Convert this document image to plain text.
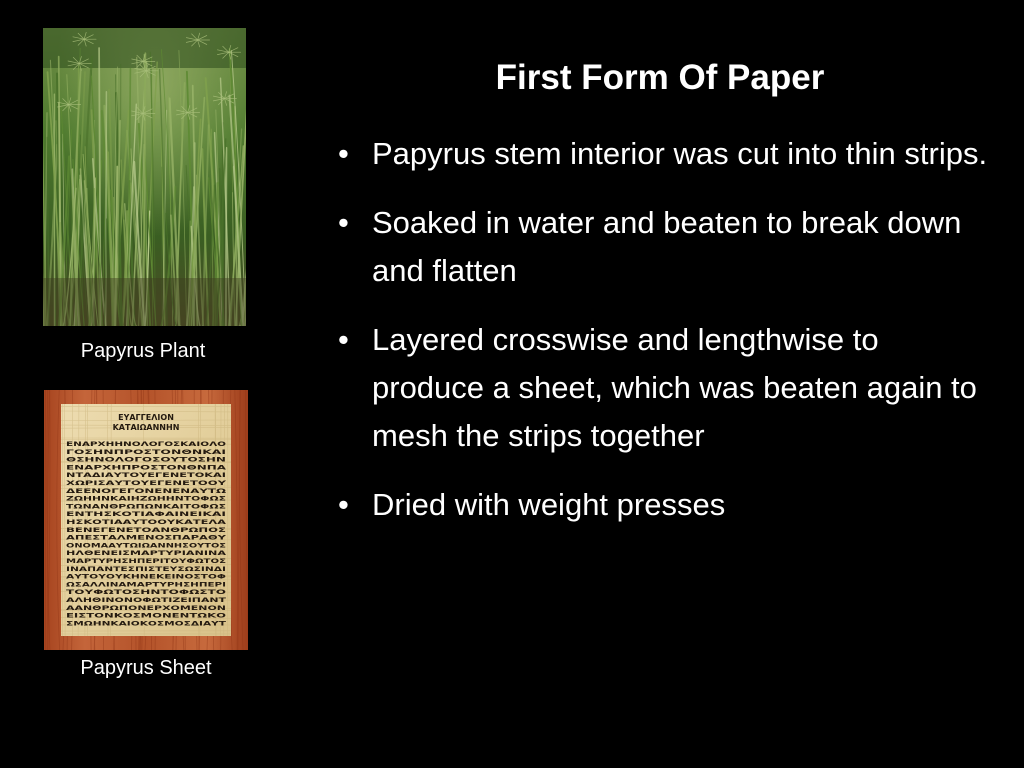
Papyrus Plant
ΕΥΑΓΓΕΛΙΟΝ
ΚΑΤΑΙΩΑΝΝΗΝ
ΕΝΑΡΧΗΗΝΟΛΟΓΟΣΚΑΙΟΛΟ
ΓΟΣΗΝΠΡΟΣΤΟΝΘΝΚΑΙ
ΘΣΗΝΟΛΟΓΟΣΟΥΤΟΣΗΝ
ΕΝΑΡΧΗΠΡΟΣΤΟΝΘΝΠΑ
ΝΤΑΔΙΑΥΤΟΥΕΓΕΝΕΤΟΚΑΙ
ΧΩΡΙΣΑΥΤΟΥΕΓΕΝΕΤΟΟΥ
ΔΕΕΝΟΓΕΓΟΝΕΝΕΝΑΥΤΩ
ΖΩΗΗΝΚΑΙΗΖΩΗΗΝΤΟΦΩΣ
ΤΩΝΑΝΘΡΩΠΩΝΚΑΙΤΟΦΩΣ
ΕΝΤΗΣΚΟΤΙΑΦΑΙΝΕΙΚΑΙ
ΗΣΚΟΤΙΑΑΥΤΟΟΥΚΑΤΕΛΑ
ΒΕΝΕΓΕΝΕΤΟΑΝΘΡΩΠΟΣ
ΑΠΕΣΤΑΛΜΕΝΟΣΠΑΡΑΘΥ
ΟΝΟΜΑΑΥΤΩΙΩΑΝΝΗΣΟΥΤΟΣ
ΗΛΘΕΝΕΙΣΜΑΡΤΥΡΙΑΝΙΝΑ
ΜΑΡΤΥΡΗΣΗΠΕΡΙΤΟΥΦΩΤΟΣ
ΙΝΑΠΑΝΤΕΣΠΙΣΤΕΥΣΩΣΙΝΔΙ
ΑΥΤΟΥΟΥΚΗΝΕΚΕΙΝΟΣΤΟΦ
ΩΣΑΛΛΙΝΑΜΑΡΤΥΡΗΣΗΠΕΡΙ
ΤΟΥΦΩΤΟΣΗΝΤΟΦΩΣΤΟ
ΑΛΗΘΙΝΟΝΟΦΩΤΙΖΕΙΠΑΝΤ
ΑΑΝΘΡΩΠΟΝΕΡΧΟΜΕΝΟΝ
ΕΙΣΤΟΝΚΟΣΜΟΝΕΝΤΩΚΟ
ΣΜΩΗΝΚΑΙΟΚΟΣΜΟΣΔΙΑΥΤ
Papyrus Sheet
First Form Of Paper
• Papyrus stem interior was cut into thin strips.
• Soaked in water and beaten to break down and flatten
• Layered crosswise and lengthwise to produce a sheet, which was beaten again to mesh the strips together
• Dried with weight presses
